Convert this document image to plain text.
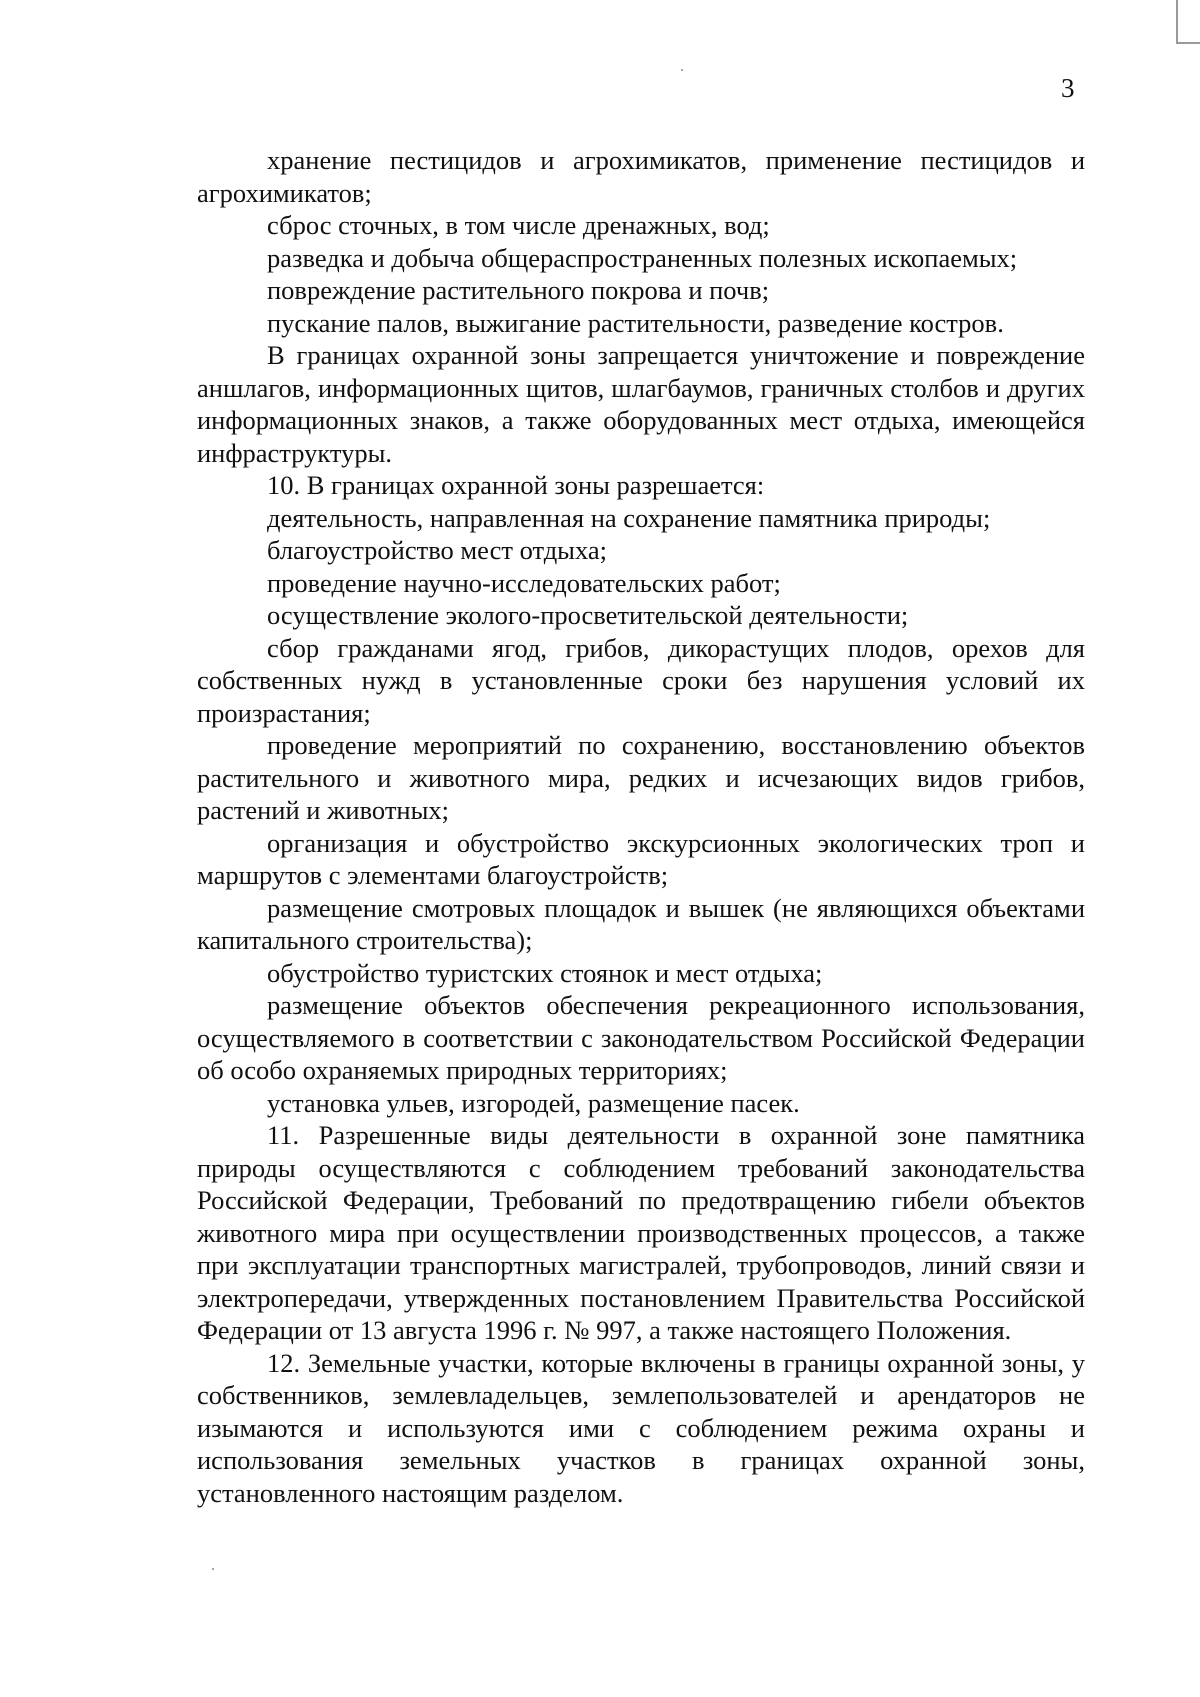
3

хранение пестицидов и агрохимикатов, применение пестицидов и агрохимикатов;

сброс сточных, в том числе дренажных, вод;

разведка и добыча общераспространенных полезных ископаемых;

повреждение растительного покрова и почв;

пускание палов, выжигание растительности, разведение костров.

В границах охранной зоны запрещается уничтожение и повреждение аншлагов, информационных щитов, шлагбаумов, граничных столбов и других информационных знаков, а также оборудованных мест отдыха, имеющейся инфраструктуры.

10. В границах охранной зоны разрешается:

деятельность, направленная на сохранение памятника природы;

благоустройство мест отдыха;

проведение научно-исследовательских работ;

осуществление эколого-просветительской деятельности;

сбор гражданами ягод, грибов, дикорастущих плодов, орехов для собственных нужд в установленные сроки без нарушения условий их произрастания;

проведение мероприятий по сохранению, восстановлению объектов растительного и животного мира, редких и исчезающих видов грибов, растений и животных;

организация и обустройство экскурсионных экологических троп и маршрутов с элементами благоустройств;

размещение смотровых площадок и вышек (не являющихся объектами капитального строительства);

обустройство туристских стоянок и мест отдыха;

размещение объектов обеспечения рекреационного использования, осуществляемого в соответствии с законодательством Российской Федерации об особо охраняемых природных территориях;

установка ульев, изгородей, размещение пасек.

11. Разрешенные виды деятельности в охранной зоне памятника природы осуществляются с соблюдением требований законодательства Российской Федерации, Требований по предотвращению гибели объектов животного мира при осуществлении производственных процессов, а также при эксплуатации транспортных магистралей, трубопроводов, линий связи и электропередачи, утвержденных постановлением Правительства Российской Федерации от 13 августа 1996 г. № 997, а также настоящего Положения.

12. Земельные участки, которые включены в границы охранной зоны, у собственников, землевладельцев, землепользователей и арендаторов не изымаются и используются ими с соблюдением режима охраны и использования земельных участков в границах охранной зоны, установленного настоящим разделом.
